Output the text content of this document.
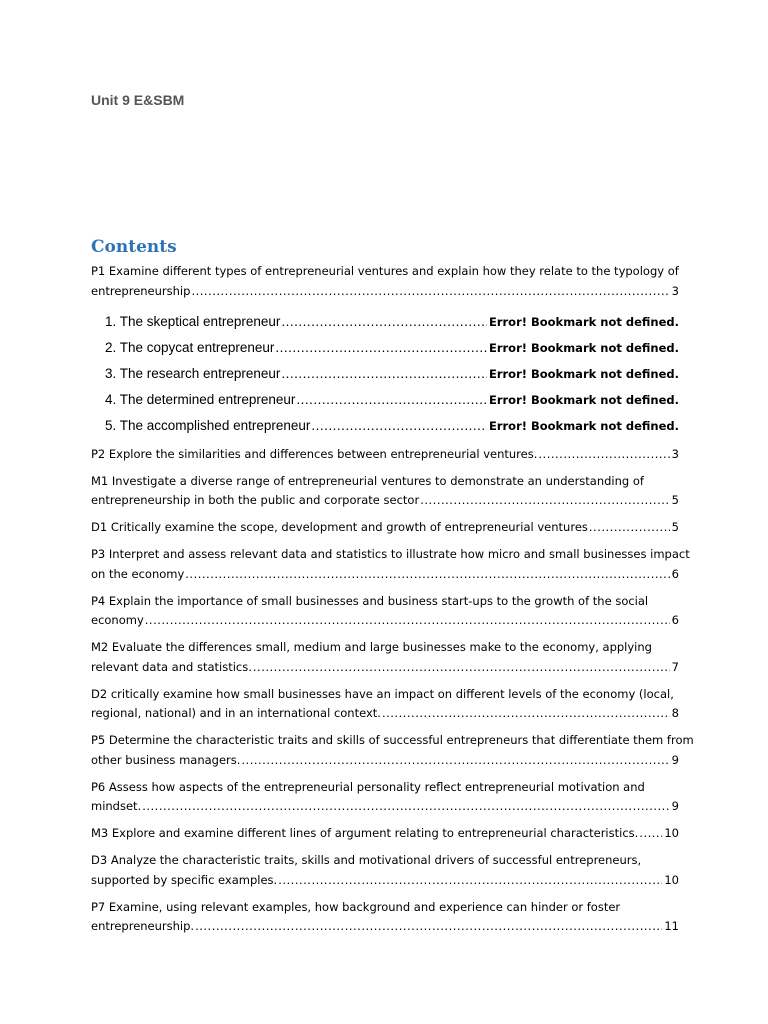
Unit 9 E&SBM
Contents
P1 Examine different types of entrepreneurial ventures and explain how they relate to the typology of
entrepreneurship .....	3
1. The skeptical entrepreneur .....	Error! Bookmark not defined.
2. The copycat entrepreneur .....	Error! Bookmark not defined.
3. The research entrepreneur .....	Error! Bookmark not defined.
4. The determined entrepreneur .....	Error! Bookmark not defined.
5. The accomplished entrepreneur .....	Error! Bookmark not defined.
P2 Explore the similarities and differences between entrepreneurial ventures. .....	3
M1 Investigate a diverse range of entrepreneurial ventures to demonstrate an understanding of
entrepreneurship in both the public and corporate sector .....	5
D1 Critically examine the scope, development and growth of entrepreneurial ventures .....	5
P3 Interpret and assess relevant data and statistics to illustrate how micro and small businesses impact
on the economy .....	6
P4 Explain the importance of small businesses and business start-ups to the growth of the social
economy .....	6
M2 Evaluate the differences small, medium and large businesses make to the economy, applying
relevant data and statistics. .....	7
D2 critically examine how small businesses have an impact on different levels of the economy (local,
regional, national) and in an international context. .....	8
P5 Determine the characteristic traits and skills of successful entrepreneurs that differentiate them from
other business managers. .....	9
P6 Assess how aspects of the entrepreneurial personality reflect entrepreneurial motivation and
mindset. .....	9
M3 Explore and examine different lines of argument relating to entrepreneurial characteristics. ..... 10
D3 Analyze the characteristic traits, skills and motivational drivers of successful entrepreneurs,
supported by specific examples. .....	10
P7 Examine, using relevant examples, how background and experience can hinder or foster
entrepreneurship. .....	11
